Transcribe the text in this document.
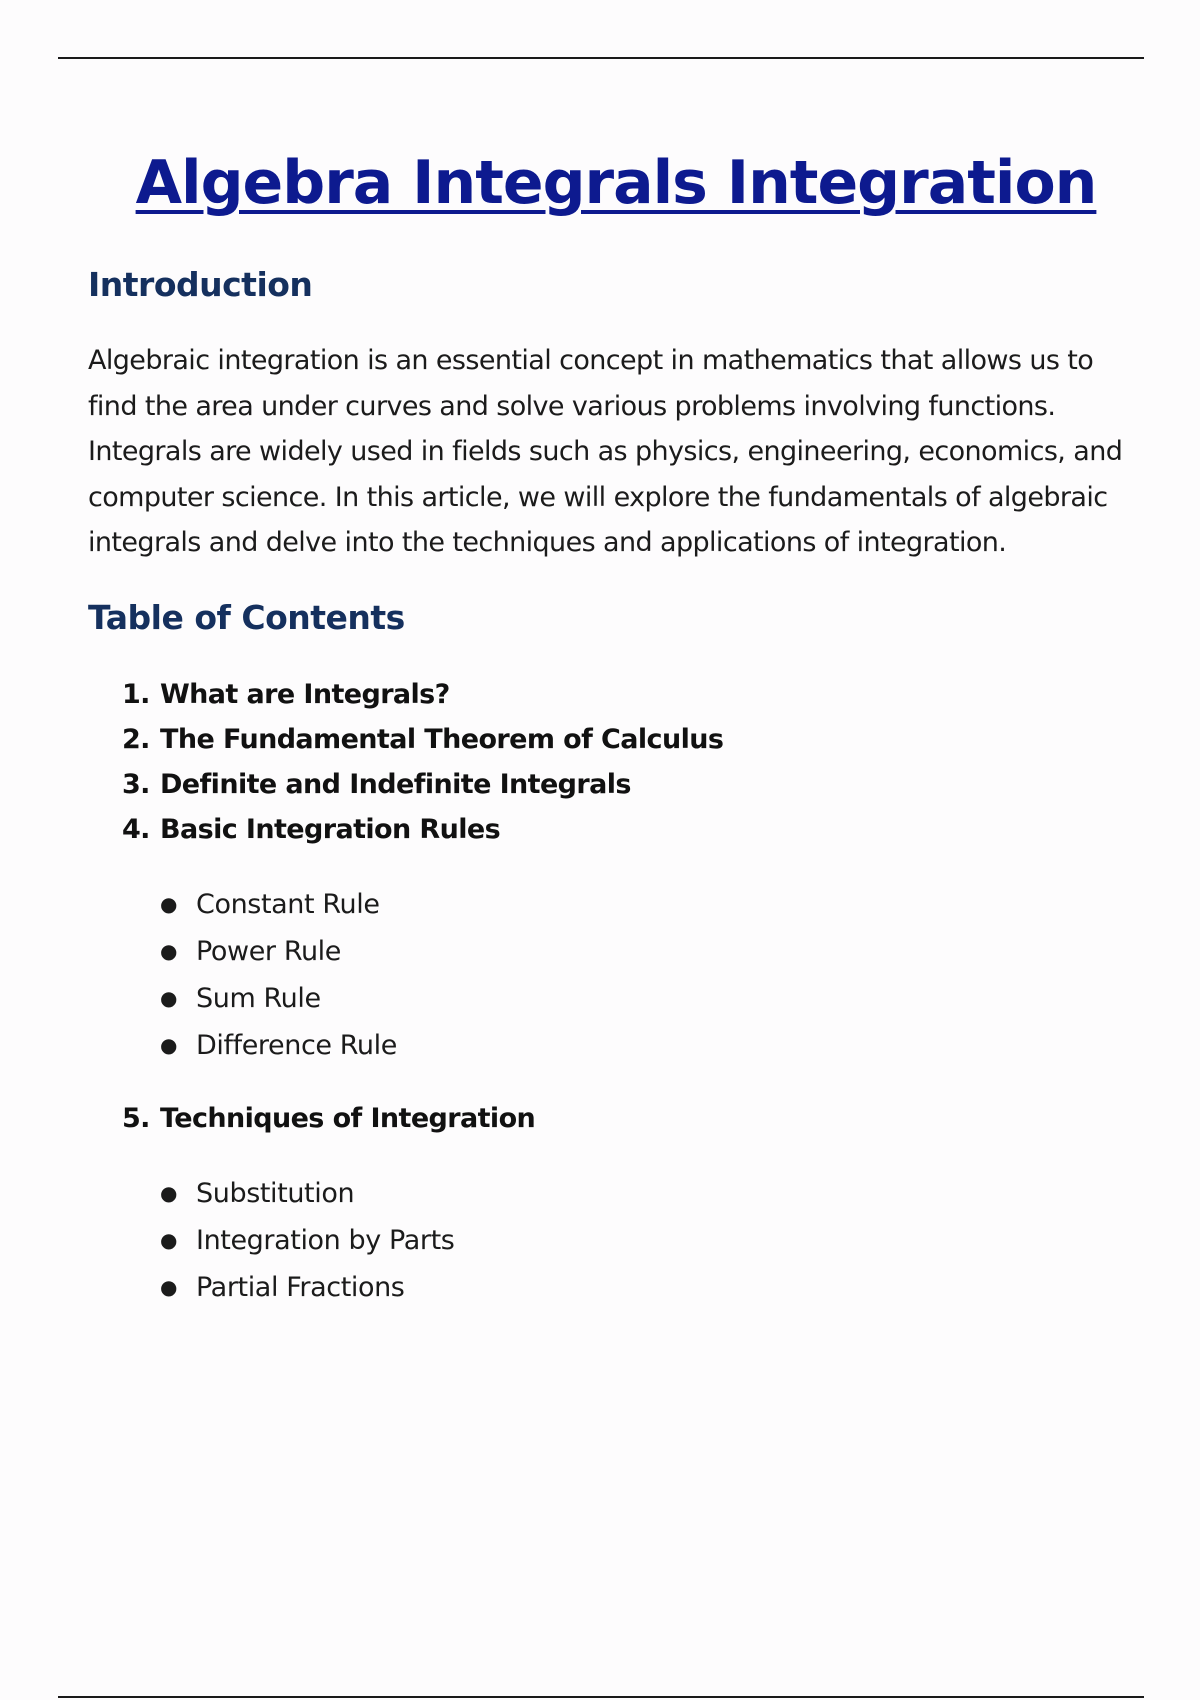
Algebra Integrals Integration
Introduction

Algebraic integration is an essential concept in mathematics that allows us to find the area under curves and solve various problems involving functions. Integrals are widely used in fields such as physics, engineering, economics, and computer science. In this article, we will explore the fundamentals of algebraic integrals and delve into the techniques and applications of integration.

Table of Contents
1. What are Integrals?
2. The Fundamental Theorem of Calculus
3. Definite and Indefinite Integrals
4. Basic Integration Rules
● Constant Rule
● Power Rule
● Sum Rule
● Difference Rule
5. Techniques of Integration
● Substitution
● Integration by Parts
● Partial Fractions
